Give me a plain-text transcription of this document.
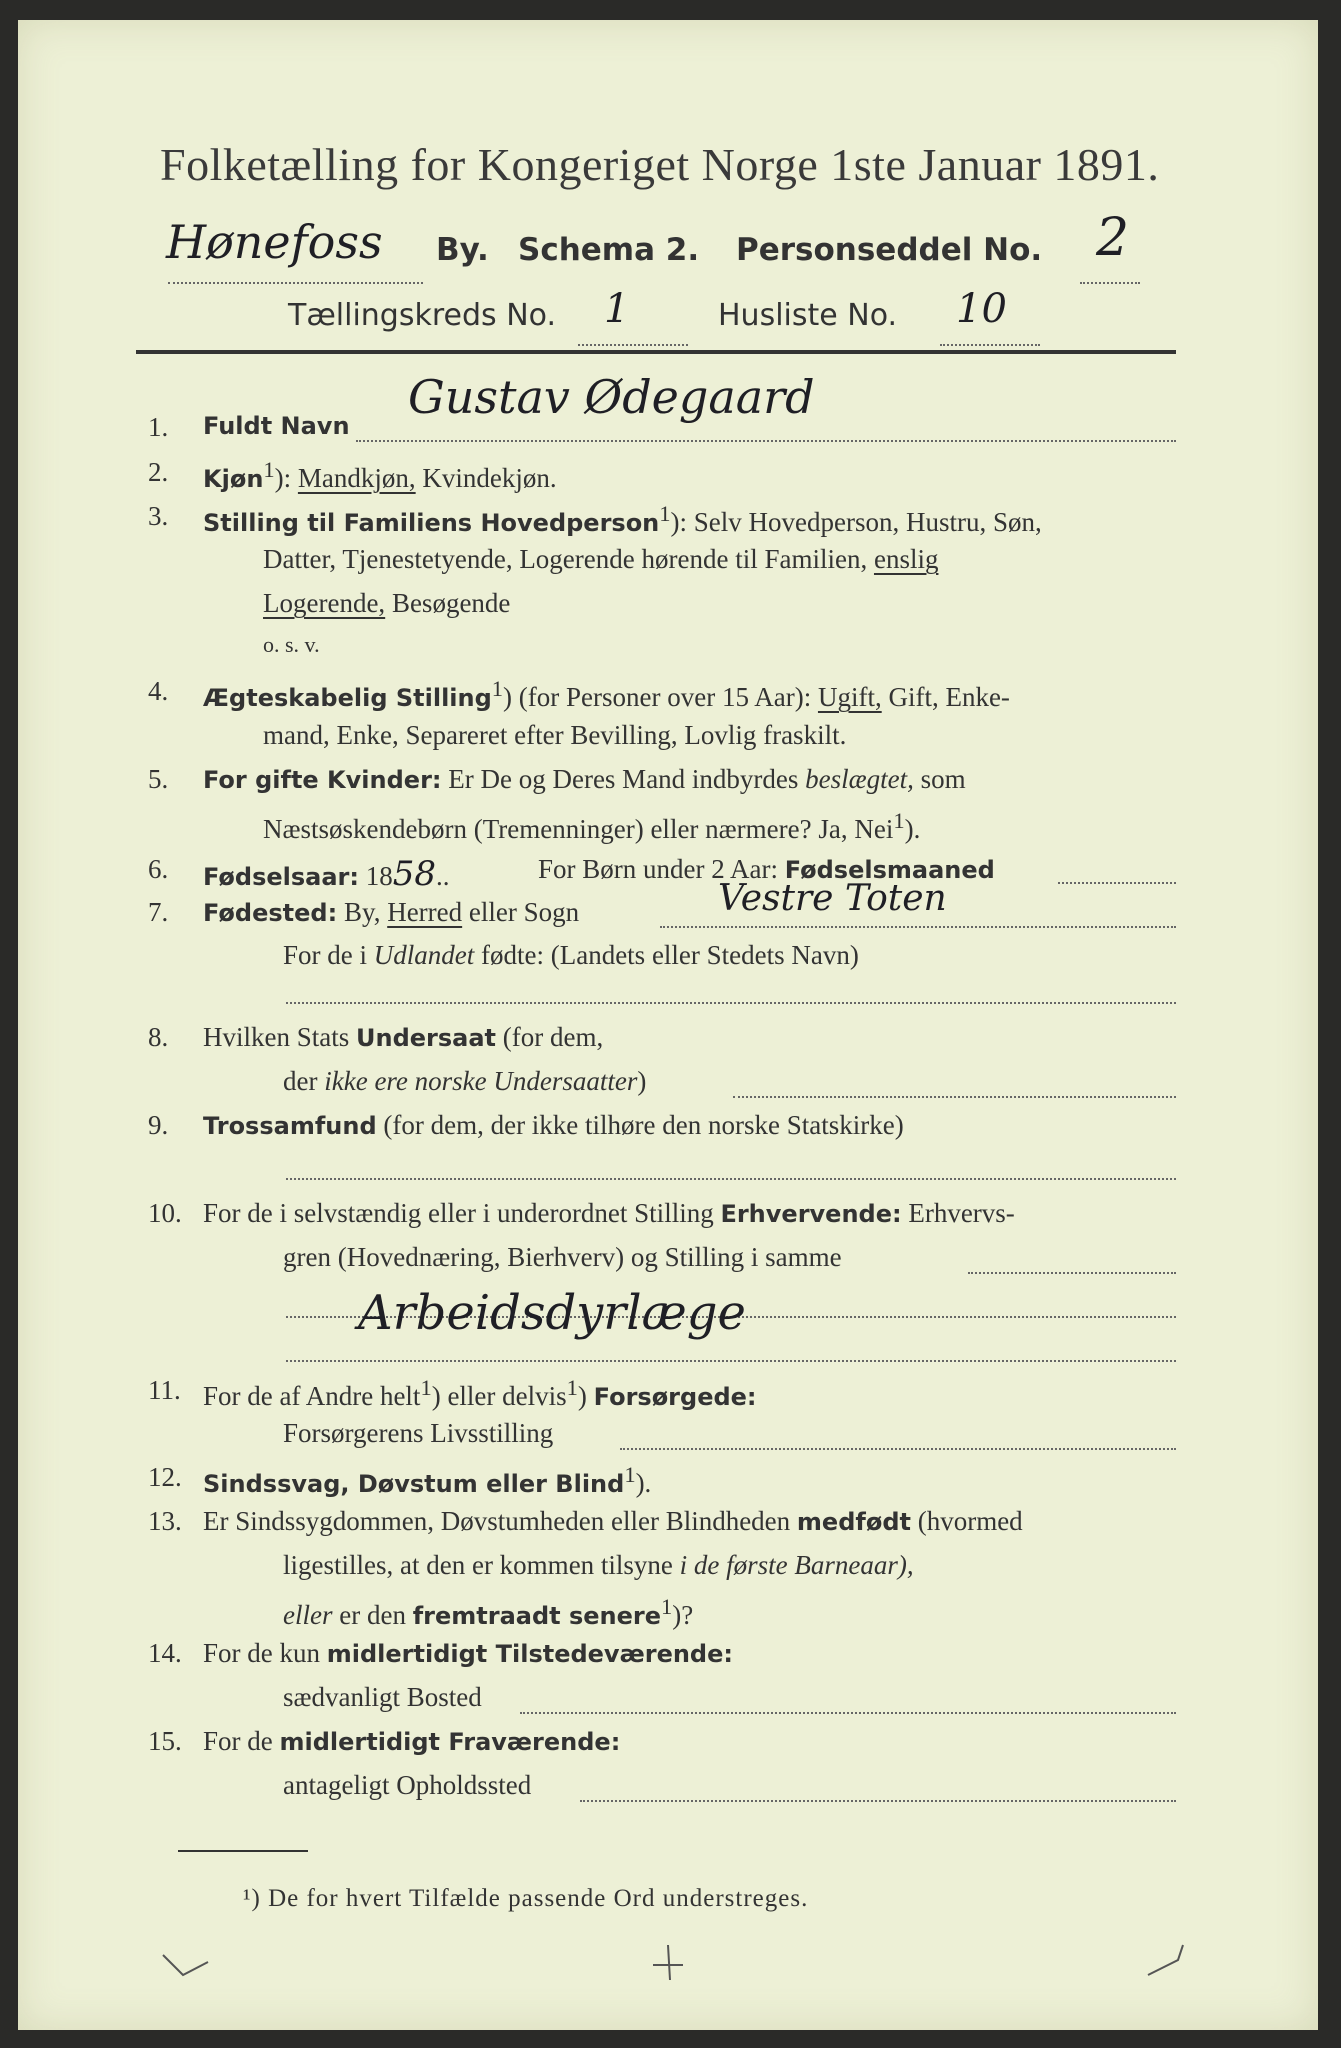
Folketælling for Kongeriget Norge 1ste Januar 1891.
Hønefoss By. Schema 2. Personseddel No. 2
Tællingskreds No. 1	Husliste No. 10
1. Fuldt Navn
Gustav Ødegaard
2. Kjøn$^1$): Mandkjøn, Kvindekjøn.
3. Stilling til Familiens Hovedperson$^1$): Selv Hovedperson, Hustru, Søn,
Datter, Tjenestetyende, Logerende hørende til Familien, enslig
Logerende, Besøgende
o. s. v.
4. Ægteskabelig Stilling$^1$) (for Personer over 15 Aar): Ugift, Gift, Enke-
mand, Enke, Separeret efter Bevilling, Lovlig fraskilt.
5. For gifte Kvinder: Er De og Deres Mand indbyrdes beslægtet, som
Næstsøskendebørn (Tremenninger) eller nærmere? Ja, Nei$^1$).
6. Fødselsaar: 1858..	For Børn under 2 Aar: Fødselsmaaned
7. Fødested: By, Herred eller Sogn	Vestre Toten
For de i Udlandet fødte: (Landets eller Stedets Navn)
8. Hvilken Stats Undersaat (for dem,
der ikke ere norske Undersaatter)
9. Trossamfund (for dem, der ikke tilhøre den norske Statskirke)
10. For de i selvstændig eller i underordnet Stilling Erhvervende: Erhvervs-
gren (Hovednæring, Bierhverv) og Stilling i samme
Arbeidsdyrlæge
11. For de af Andre helt$^1$) eller delvis$^1$) Forsørgede:
Forsørgerens Livsstilling
12. Sindssvag, Døvstum eller Blind$^1$).
13. Er Sindssygdommen, Døvstumheden eller Blindheden medfødt (hvormed
ligestilles, at den er kommen tilsyne i de første Barneaar),
eller er den fremtraadt senere$^1$)?
14. For de kun midlertidigt Tilstedeværende:
sædvanligt Bosted
15. For de midlertidigt Fraværende:
antageligt Opholdssted
¹) De for hvert Tilfælde passende Ord understreges.
